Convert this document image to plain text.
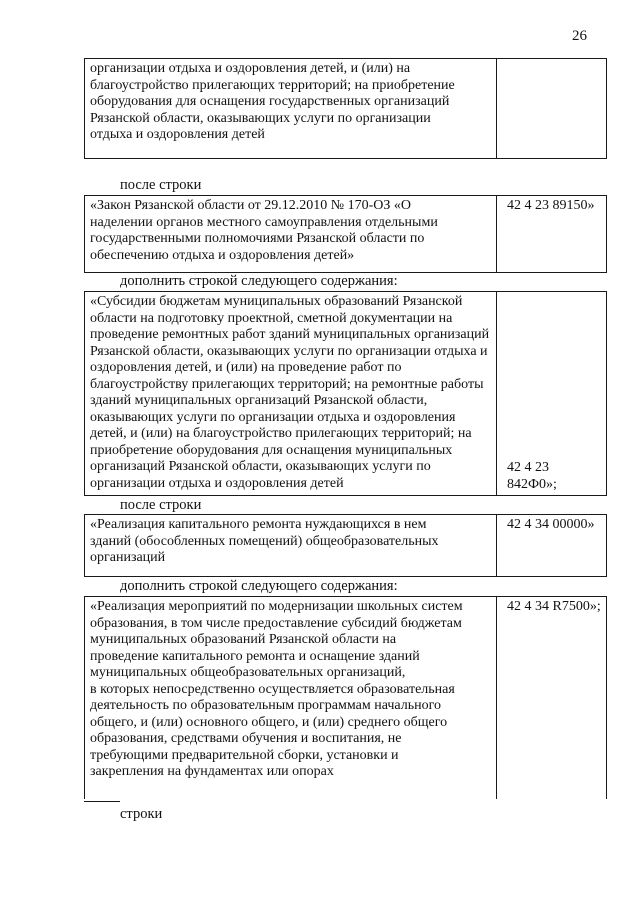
26
организации отдыха и оздоровления детей, и (или) на
благоустройство прилегающих территорий; на приобретение
оборудования для оснащения государственных организаций
Рязанской области, оказывающих услуги по организации
отдыха и оздоровления детей
после строки
«Закон Рязанской области от 29.12.2010 № 170-ОЗ «О
наделении органов местного самоуправления отдельными
государственными полномочиями Рязанской области по
обеспечению отдыха и оздоровления детей»
42 4 23 89150»
дополнить строкой следующего содержания:
«Субсидии бюджетам муниципальных образований Рязанской
области на подготовку проектной, сметной документации на
проведение ремонтных работ зданий муниципальных организаций
Рязанской области, оказывающих услуги по организации отдыха и
оздоровления детей, и (или) на проведение работ по
благоустройству прилегающих территорий; на ремонтные работы
зданий муниципальных организаций Рязанской области,
оказывающих услуги по организации отдыха и оздоровления
детей, и (или) на благоустройство прилегающих территорий; на
приобретение оборудования для оснащения муниципальных
организаций Рязанской области, оказывающих услуги по
организации отдыха и оздоровления детей
42 4 23 842Ф0»;
после строки
«Реализация капитального ремонта нуждающихся в нем
зданий (обособленных помещений) общеобразовательных
организаций
42 4 34 00000»
дополнить строкой следующего содержания:
«Реализация мероприятий по модернизации школьных систем
образования, в том числе предоставление субсидий бюджетам
муниципальных образований Рязанской области на
проведение капитального ремонта и оснащение зданий
муниципальных общеобразовательных организаций,
в которых непосредственно осуществляется образовательная
деятельность по образовательным программам начального
общего, и (или) основного общего, и (или) среднего общего
образования, средствами обучения и воспитания, не
требующими предварительной сборки, установки и
закрепления на фундаментах или опорах
42 4 34 R7500»;
строки
